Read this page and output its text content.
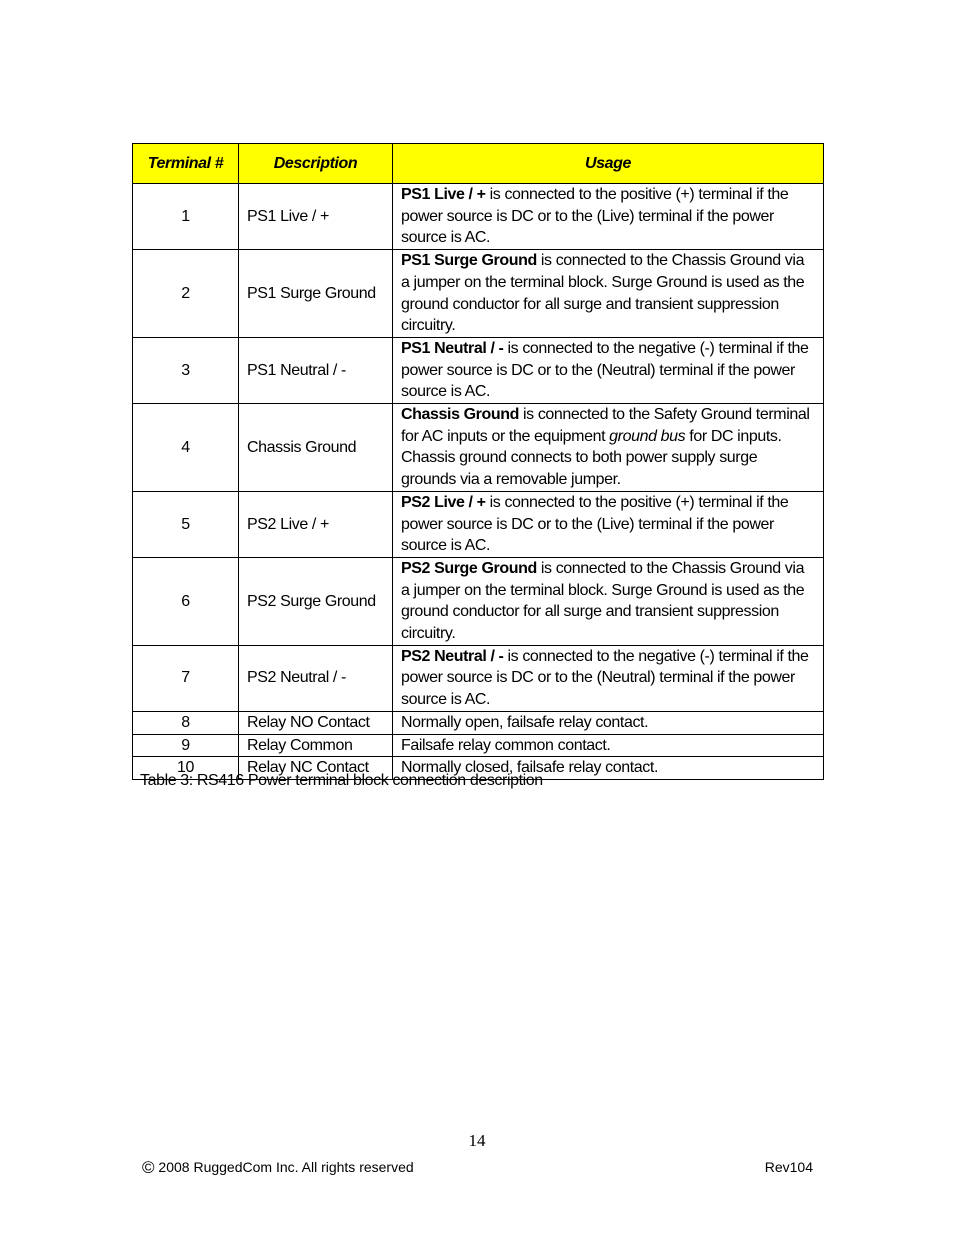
Terminal #	Description	Usage
1	PS1 Live / +	PS1 Live / + is connected to the positive (+) terminal if the power source is DC or to the (Live) terminal if the power source is AC.
2	PS1 Surge Ground	PS1 Surge Ground is connected to the Chassis Ground via a jumper on the terminal block. Surge Ground is used as the ground conductor for all surge and transient suppression circuitry.
3	PS1 Neutral / -	PS1 Neutral / - is connected to the negative (-) terminal if the power source is DC or to the (Neutral) terminal if the power source is AC.
4	Chassis Ground	Chassis Ground is connected to the Safety Ground terminal for AC inputs or the equipment ground bus for DC inputs. Chassis ground connects to both power supply surge grounds via a removable jumper.
5	PS2 Live / +	PS2 Live / + is connected to the positive (+) terminal if the power source is DC or to the (Live) terminal if the power source is AC.
6	PS2 Surge Ground	PS2 Surge Ground is connected to the Chassis Ground via a jumper on the terminal block. Surge Ground is used as the ground conductor for all surge and transient suppression circuitry.
7	PS2 Neutral / -	PS2 Neutral / - is connected to the negative (-) terminal if the power source is DC or to the (Neutral) terminal if the power source is AC.
8	Relay NO Contact	Normally open, failsafe relay contact.
9	Relay Common	Failsafe relay common contact.
10	Relay NC Contact	Normally closed, failsafe relay contact.
Table 3: RS416 Power terminal block connection description
14
© 2008 RuggedCom Inc. All rights reserved	Rev104
